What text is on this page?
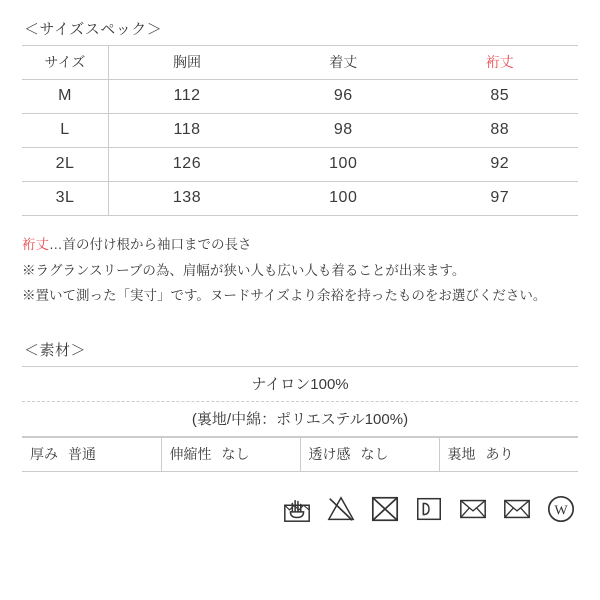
＜サイズスペック＞
サイズ	胸囲	着丈	裄丈
M	112	96	85
L	118	98	88
2L	126	100	92
3L	138	100	97

裄丈…首の付け根から袖口までの長さ

※ラグランスリーブの為、肩幅が狭い人も広い人も着ることが出来ます。

※置いて測った「実寸」です。ヌードサイズより余裕を持ったものをお選びください。

＜素材＞
ナイロン100%
(裏地/中綿：ポリエステル100%)
厚み 普通	伸縮性 なし	透け感 なし	裏地 あり
W
